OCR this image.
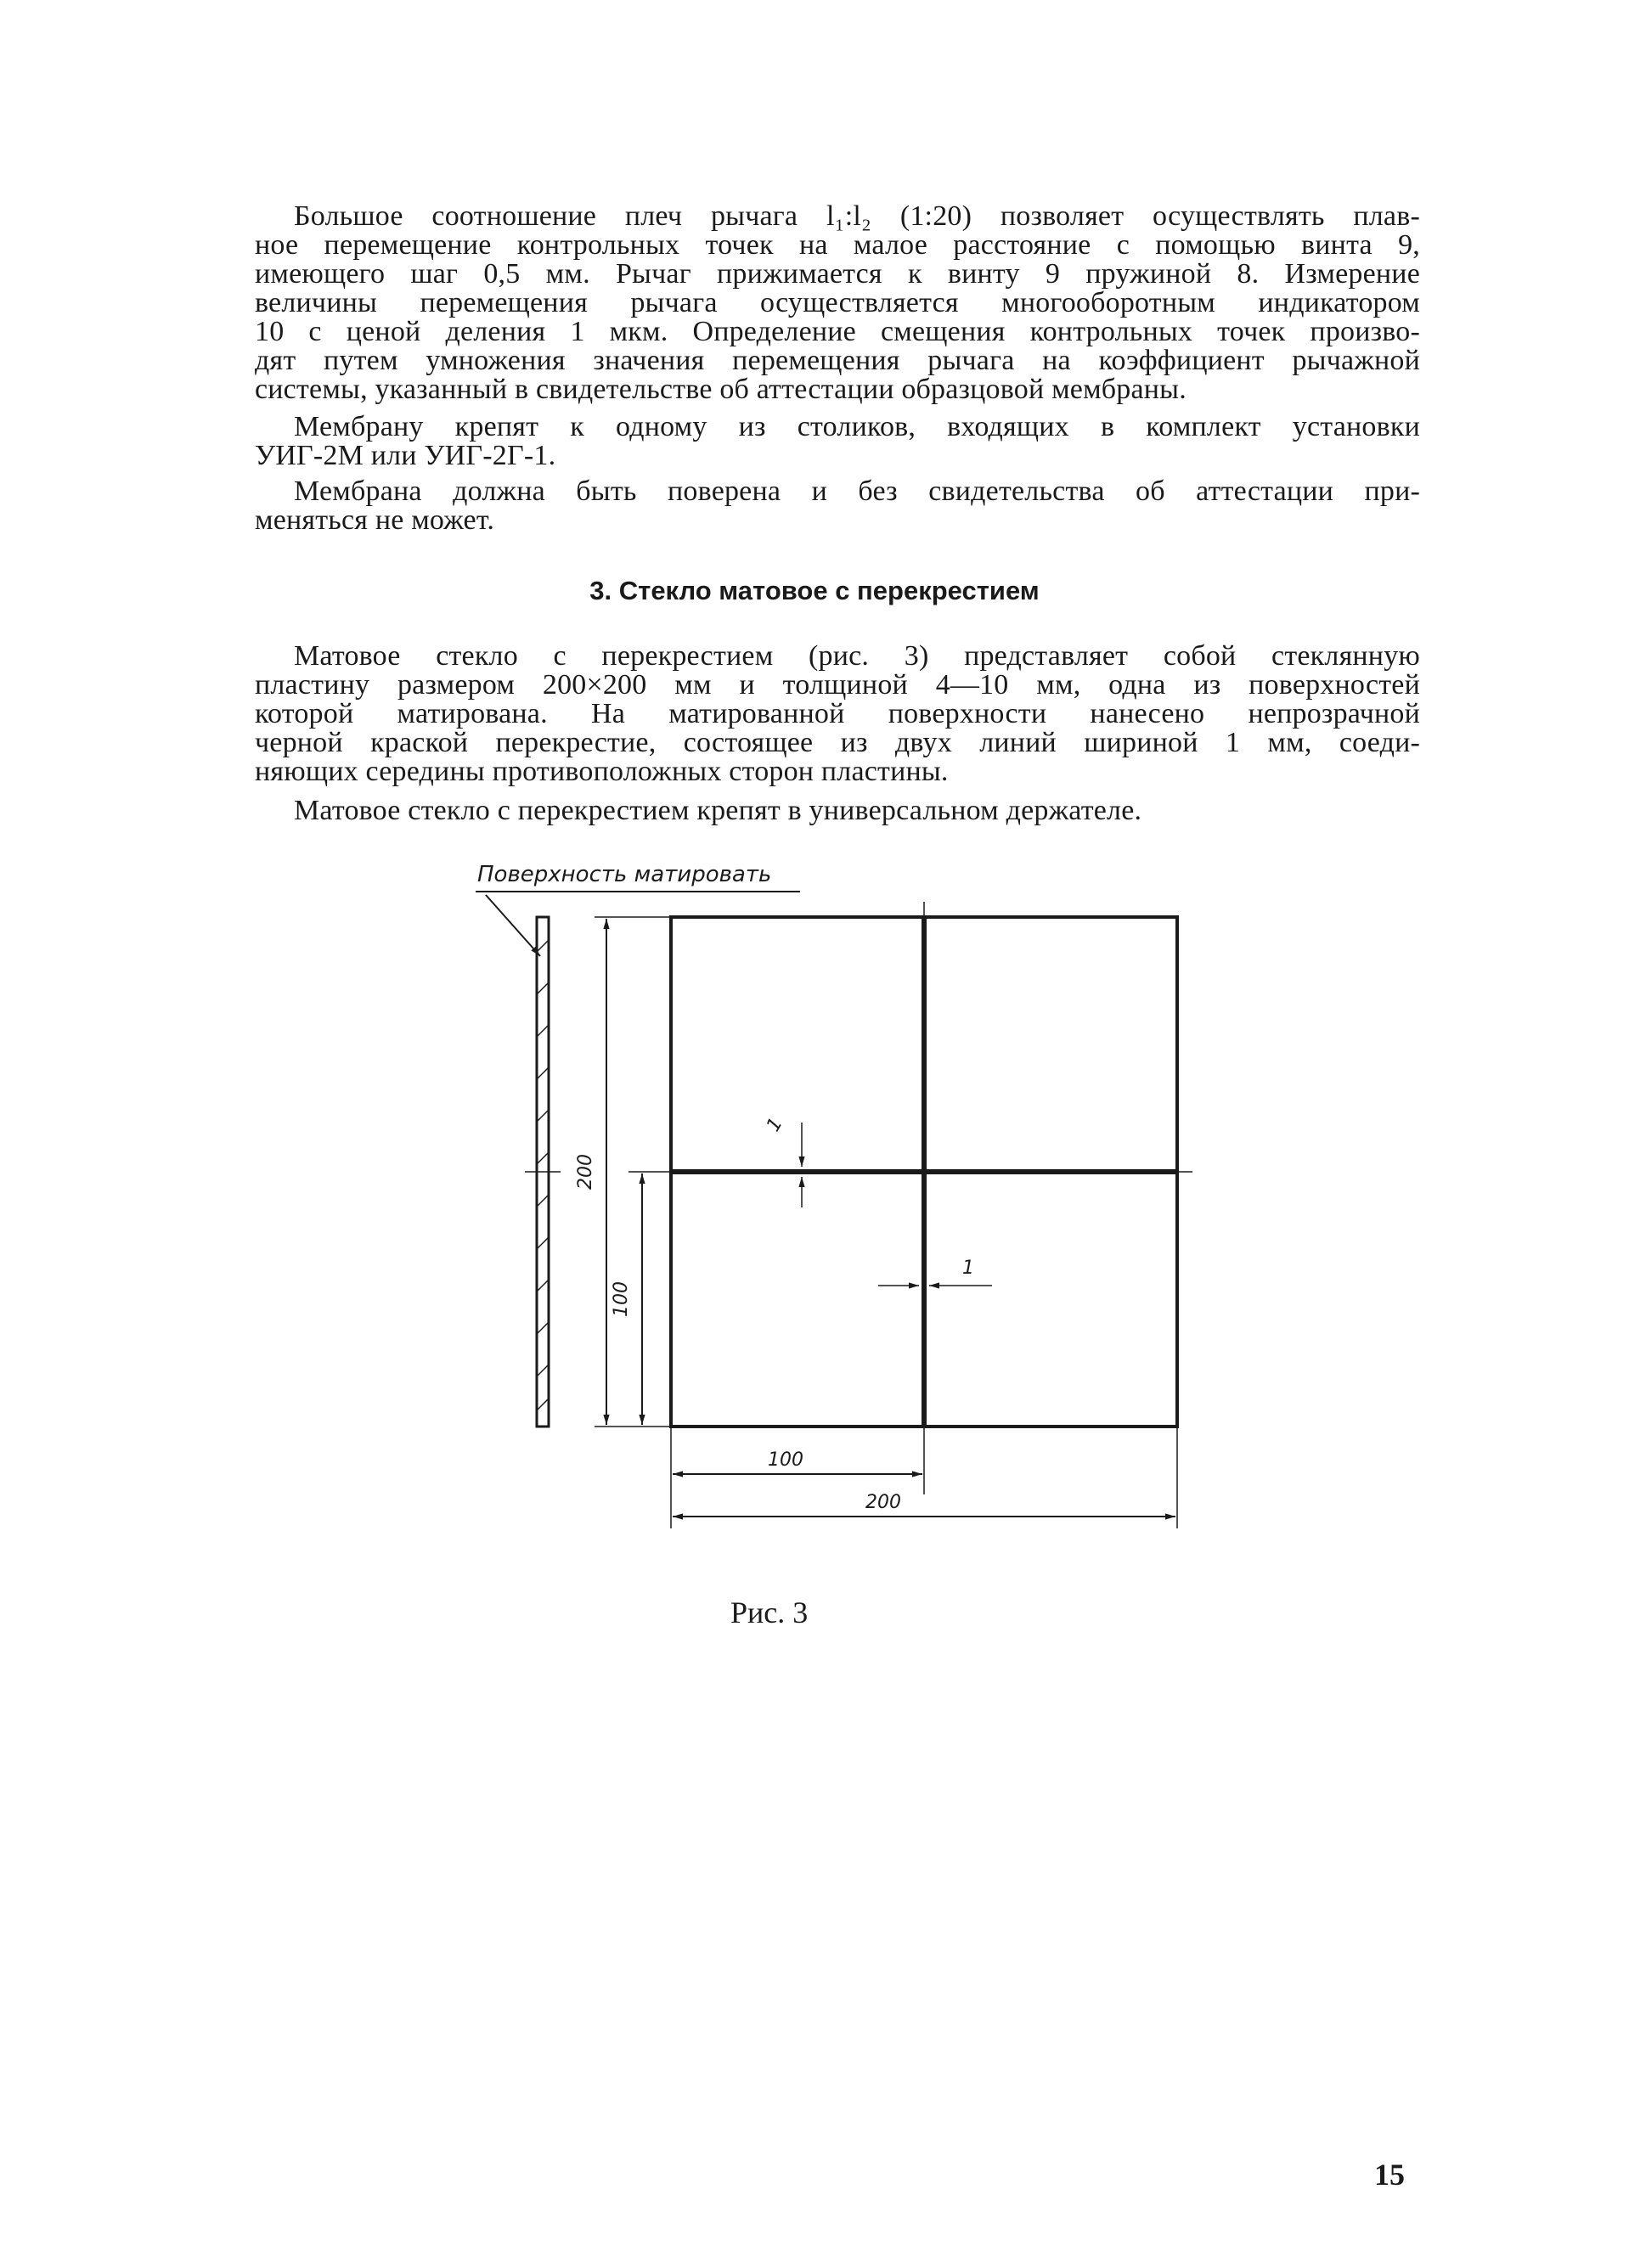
Большое соотношение плеч рычага l₁:l₂ (1:20) позволяет осуществлять плав-
ное перемещение контрольных точек на малое расстояние с помощью винта 9,
имеющего шаг 0,5 мм. Рычаг прижимается к винту 9 пружиной 8. Измерение
величины перемещения рычага осуществляется многооборотным индикатором
10 с ценой деления 1 мкм. Определение смещения контрольных точек произво-
дят путем умножения значения перемещения рычага на коэффициент рычажной
системы, указанный в свидетельстве об аттестации образцовой мембраны.
Мембрану крепят к одному из столиков, входящих в комплект установки
УИГ-2М или УИГ-2Г-1.
Мембрана должна быть поверена и без свидетельства об аттестации при-
меняться не может.
3. Стекло матовое с перекрестием
Матовое стекло с перекрестием (рис. 3) представляет собой стеклянную
пластину размером 200×200 мм и толщиной 4—10 мм, одна из поверхностей
которой матирована. На матированной поверхности нанесено непрозрачной
черной краской перекрестие, состоящее из двух линий шириной 1 мм, соеди-
няющих середины противоположных сторон пластины.
Матовое стекло с перекрестием крепят в универсальном держателе.
Поверхность матировать
200
100
1
1
100
200
Рис. 3
15
